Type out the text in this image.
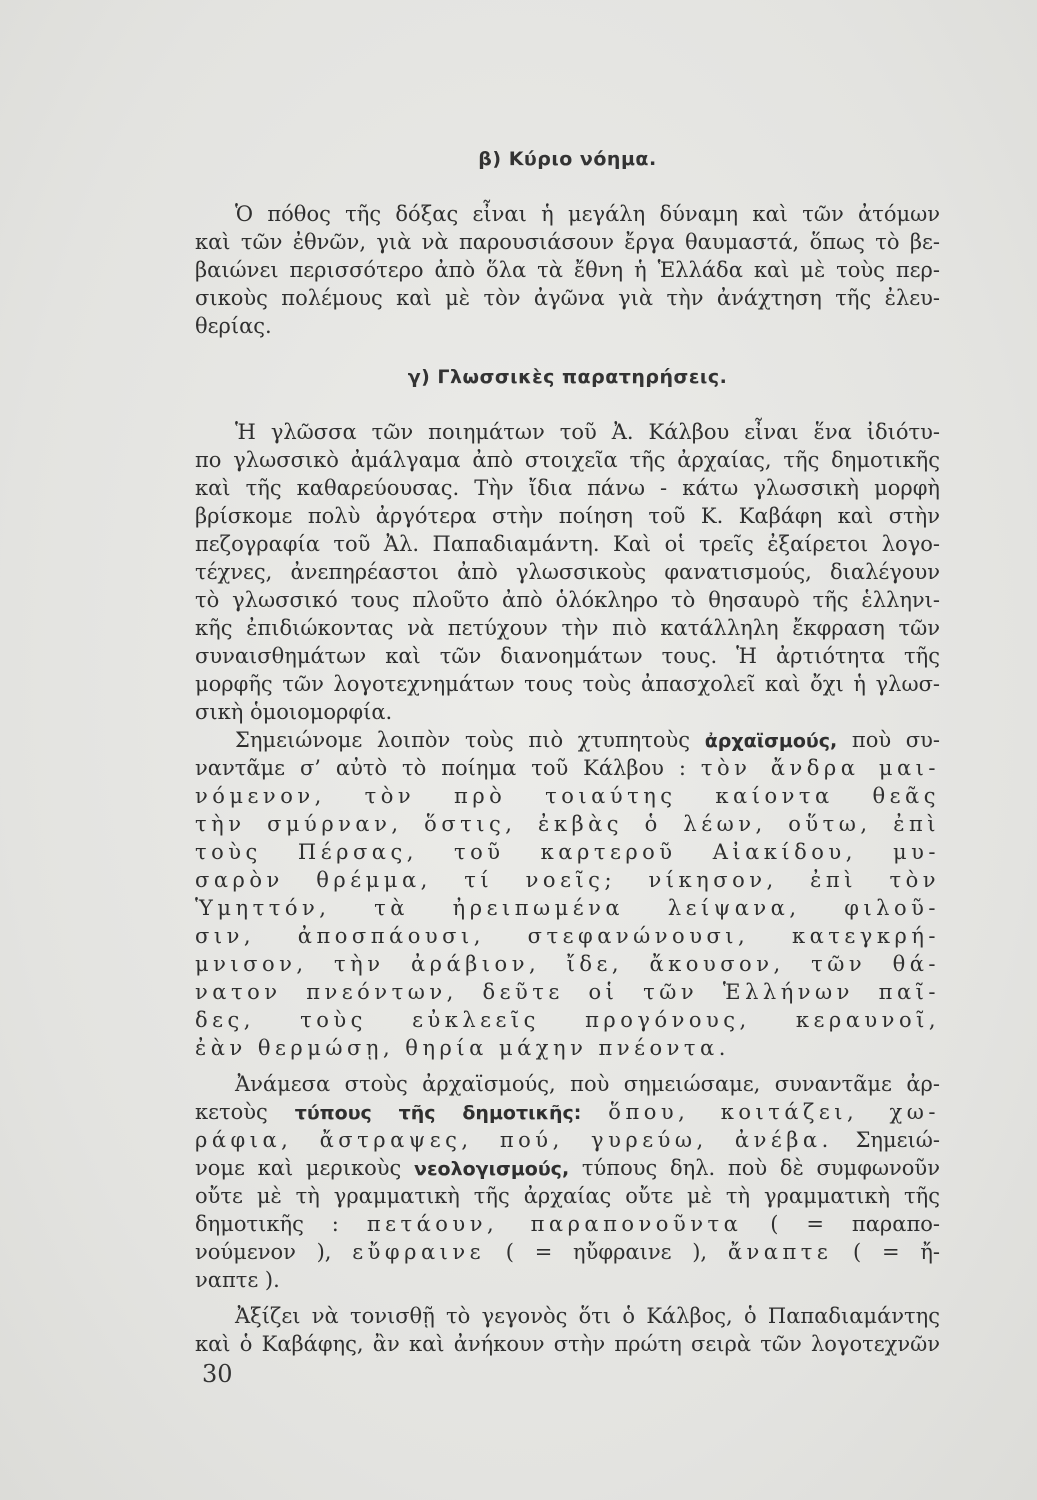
β) Κύριο νόημα.
Ὁ πόθος τῆς δόξας εἶναι ἡ μεγάλη δύναμη καὶ τῶν ἀτόμων
καὶ τῶν ἐθνῶν, γιὰ νὰ παρουσιάσουν ἔργα θαυμαστά, ὅπως τὸ βε-
βαιώνει περισσότερο ἀπὸ ὅλα τὰ ἔθνη ἡ Ἑλλάδα καὶ μὲ τοὺς περ-
σικοὺς πολέμους καὶ μὲ τὸν ἀγῶνα γιὰ τὴν ἀνάχτηση τῆς ἐλευ-
θερίας.
γ) Γλωσσικὲς παρατηρήσεις.
Ἡ γλῶσσα τῶν ποιημάτων τοῦ Ἀ. Κάλβου εἶναι ἕνα ἰδιότυ-
πο γλωσσικὸ ἀμάλγαμα ἀπὸ στοιχεῖα τῆς ἀρχαίας, τῆς δημοτικῆς
καὶ τῆς καθαρεύουσας. Τὴν ἴδια πάνω - κάτω γλωσσικὴ μορφὴ
βρίσκομε πολὺ ἀργότερα στὴν ποίηση τοῦ Κ. Καβάφη καὶ στὴν
πεζογραφία τοῦ Ἀλ. Παπαδιαμάντη. Καὶ οἱ τρεῖς ἐξαίρετοι λογο-
τέχνες, ἀνεπηρέαστοι ἀπὸ γλωσσικοὺς φανατισμούς, διαλέγουν
τὸ γλωσσικό τους πλοῦτο ἀπὸ ὁλόκληρο τὸ θησαυρὸ τῆς ἑλληνι-
κῆς ἐπιδιώκοντας νὰ πετύχουν τὴν πιὸ κατάλληλη ἔκφραση τῶν
συναισθημάτων καὶ τῶν διανοημάτων τους. Ἡ ἀρτιότητα τῆς
μορφῆς τῶν λογοτεχνημάτων τους τοὺς ἀπασχολεῖ καὶ ὄχι ἡ γλωσ-
σικὴ ὁμοιομορφία.
Σημειώνομε λοιπὸν τοὺς πιὸ χτυπητοὺς ἀρχαϊσμούς, ποὺ συ-
ναντᾶμε σ’ αὐτὸ τὸ ποίημα τοῦ Κάλβου : τὸν ἄνδρα μαι-
νόμενον, τὸν πρὸ τοιαύτης καίοντα θεᾶς
τὴν σμύρναν, ὅστις, ἐκβὰς ὁ λέων, οὕτω, ἐπὶ
τοὺς Πέρσας, τοῦ καρτεροῦ Αἰακίδου, μυ-
σαρὸν θρέμμα, τί νοεῖς; νίκησον, ἐπὶ τὸν
Ὑμηττόν, τὰ ἠρειπωμένα λείψανα, φιλοῦ-
σιν, ἀποσπάουσι, στεφανώνουσι, κατεγκρή-
μνισον, τὴν ἀράβιον, ἴδε, ἄκουσον, τῶν θά-
νατον πνεόντων, δεῦτε οἱ τῶν Ἑλλήνων παῖ-
δες, τοὺς εὐκλεεῖς προγόνους, κεραυνοῖ,
ἐὰν θερμώσῃ, θηρία μάχην πνέοντα.
Ἀνάμεσα στοὺς ἀρχαϊσμούς, ποὺ σημειώσαμε, συναντᾶμε ἀρ-
κετοὺς τύπους τῆς δημοτικῆς: ὅπου, κοιτάζει, χω-
ράφια, ἄστραψες, πού, γυρεύω, ἀνέβα. Σημειώ-
νομε καὶ μερικοὺς νεολογισμούς, τύπους δηλ. ποὺ δὲ συμφωνοῦν
οὔτε μὲ τὴ γραμματικὴ τῆς ἀρχαίας οὔτε μὲ τὴ γραμματικὴ τῆς
δημοτικῆς : πετάουν, παραπονοῦντα ( = παραπο-
νούμενον ), εὔφραινε ( = ηὔφραινε ), ἄναπτε ( = ἤ-
ναπτε ).
Ἀξίζει νὰ τονισθῇ τὸ γεγονὸς ὅτι ὁ Κάλβος, ὁ Παπαδιαμάντης
καὶ ὁ Καβάφης, ἂν καὶ ἀνήκουν στὴν πρώτη σειρὰ τῶν λογοτεχνῶν
30
